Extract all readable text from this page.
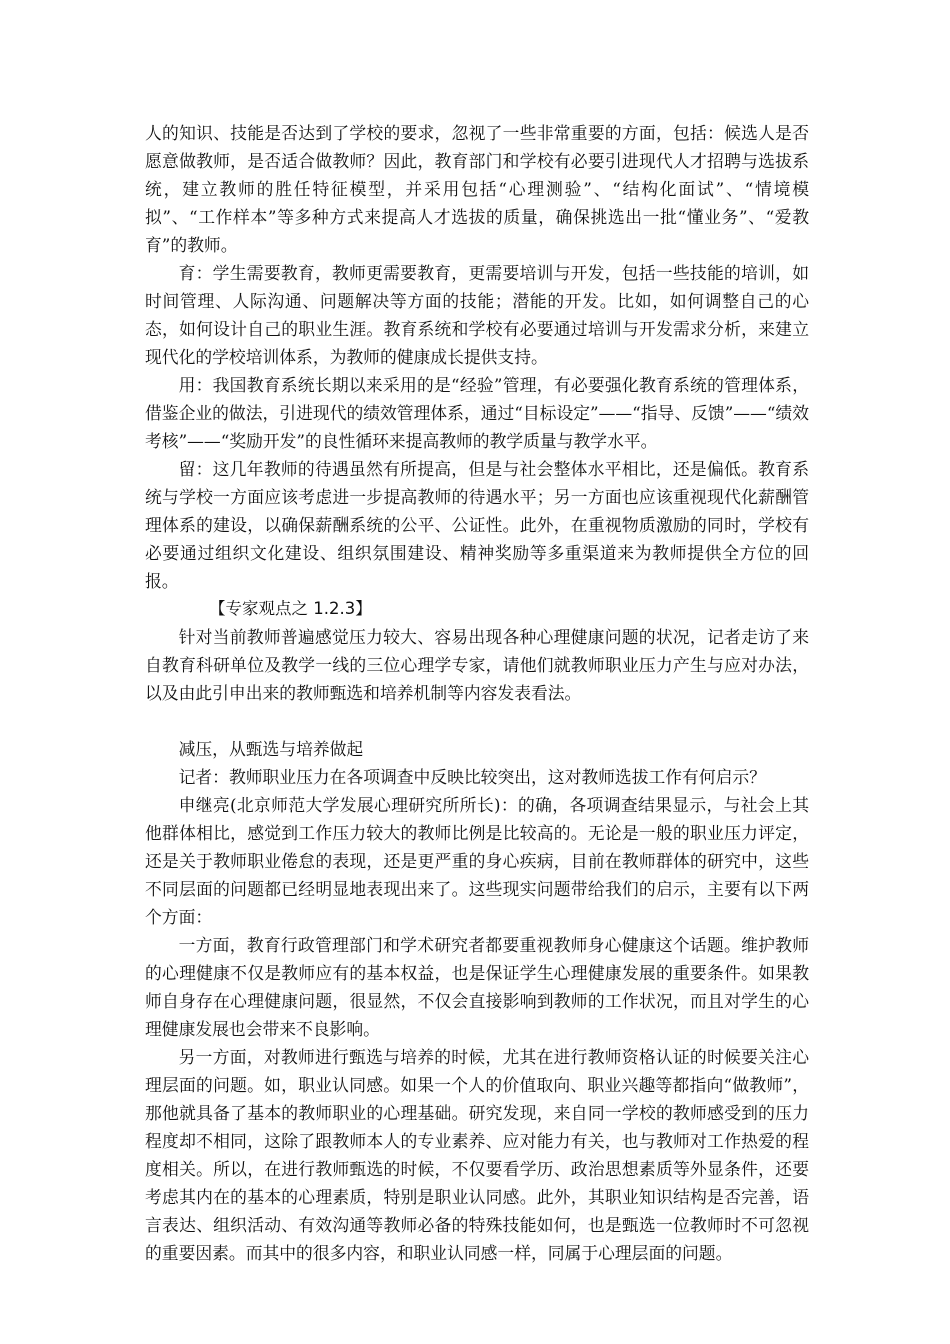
人的知识、技能是否达到了学校的要求，忽视了一些非常重要的方面，包括：候选人是否愿意做教师，是否适合做教师？因此，教育部门和学校有必要引进现代人才招聘与选拔系统，建立教师的胜任特征模型，并采用包括“心理测验”、“结构化面试”、“情境模拟”、“工作样本”等多种方式来提高人才选拔的质量，确保挑选出一批“懂业务”、“爱教育”的教师。

育：学生需要教育，教师更需要教育，更需要培训与开发，包括一些技能的培训，如时间管理、人际沟通、问题解决等方面的技能；潜能的开发。比如，如何调整自己的心态，如何设计自己的职业生涯。教育系统和学校有必要通过培训与开发需求分析，来建立现代化的学校培训体系，为教师的健康成长提供支持。

用：我国教育系统长期以来采用的是“经验”管理，有必要强化教育系统的管理体系，借鉴企业的做法，引进现代的绩效管理体系，通过“目标设定”——“指导、反馈”——“绩效考核”——“奖励开发”的良性循环来提高教师的教学质量与教学水平。

留：这几年教师的待遇虽然有所提高，但是与社会整体水平相比，还是偏低。教育系统与学校一方面应该考虑进一步提高教师的待遇水平；另一方面也应该重视现代化薪酬管理体系的建设，以确保薪酬系统的公平、公证性。此外，在重视物质激励的同时，学校有必要通过组织文化建设、组织氛围建设、精神奖励等多重渠道来为教师提供全方位的回报。

【专家观点之 1.2.3】

针对当前教师普遍感觉压力较大、容易出现各种心理健康问题的状况，记者走访了来自教育科研单位及教学一线的三位心理学专家，请他们就教师职业压力产生与应对办法，以及由此引申出来的教师甄选和培养机制等内容发表看法。

减压，从甄选与培养做起

记者：教师职业压力在各项调查中反映比较突出，这对教师选拔工作有何启示？

申继亮(北京师范大学发展心理研究所所长)：的确，各项调查结果显示，与社会上其他群体相比，感觉到工作压力较大的教师比例是比较高的。无论是一般的职业压力评定，还是关于教师职业倦怠的表现，还是更严重的身心疾病，目前在教师群体的研究中，这些不同层面的问题都已经明显地表现出来了。这些现实问题带给我们的启示，主要有以下两个方面：

一方面，教育行政管理部门和学术研究者都要重视教师身心健康这个话题。维护教师的心理健康不仅是教师应有的基本权益，也是保证学生心理健康发展的重要条件。如果教师自身存在心理健康问题，很显然，不仅会直接影响到教师的工作状况，而且对学生的心理健康发展也会带来不良影响。

另一方面，对教师进行甄选与培养的时候，尤其在进行教师资格认证的时候要关注心理层面的问题。如，职业认同感。如果一个人的价值取向、职业兴趣等都指向“做教师”，那他就具备了基本的教师职业的心理基础。研究发现，来自同一学校的教师感受到的压力程度却不相同，这除了跟教师本人的专业素养、应对能力有关，也与教师对工作热爱的程度相关。所以，在进行教师甄选的时候，不仅要看学历、政治思想素质等外显条件，还要考虑其内在的基本的心理素质，特别是职业认同感。此外，其职业知识结构是否完善，语言表达、组织活动、有效沟通等教师必备的特殊技能如何，也是甄选一位教师时不可忽视的重要因素。而其中的很多内容，和职业认同感一样，同属于心理层面的问题。
